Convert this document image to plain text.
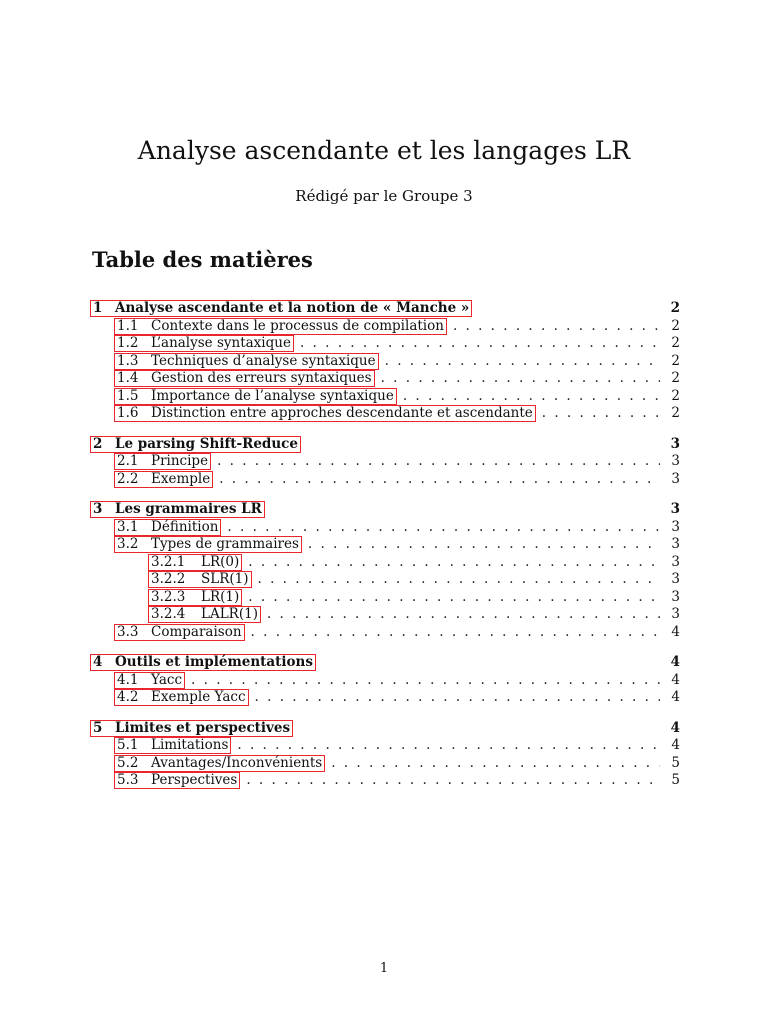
Analyse ascendante et les langages LR

Rédigé par le Groupe 3

Table des matières
1 Analyse ascendante et la notion de « Manche »	2
1.1 Contexte dans le processus de compilation . . .	2
1.2 L’analyse syntaxique . . .	2
1.3 Techniques d’analyse syntaxique . . .	2
1.4 Gestion des erreurs syntaxiques . . .	2
1.5 Importance de l’analyse syntaxique . . .	2
1.6 Distinction entre approches descendante et ascendante . . .	2
2 Le parsing Shift-Reduce	3
2.1 Principe . . .	3
2.2 Exemple . . .	3
3 Les grammaires LR	3
3.1 Définition . . .	3
3.2 Types de grammaires . . .	3
3.2.1 LR(0) . . .	3
3.2.2 SLR(1) . . .	3
3.2.3 LR(1) . . .	3
3.2.4 LALR(1) . . .	3
3.3 Comparaison . . .	4
4 Outils et implémentations	4
4.1 Yacc . . .	4
4.2 Exemple Yacc . . .	4
5 Limites et perspectives	4
5.1 Limitations . . .	4
5.2 Avantages/Inconvénients . . .	5
5.3 Perspectives . . .	5
1
